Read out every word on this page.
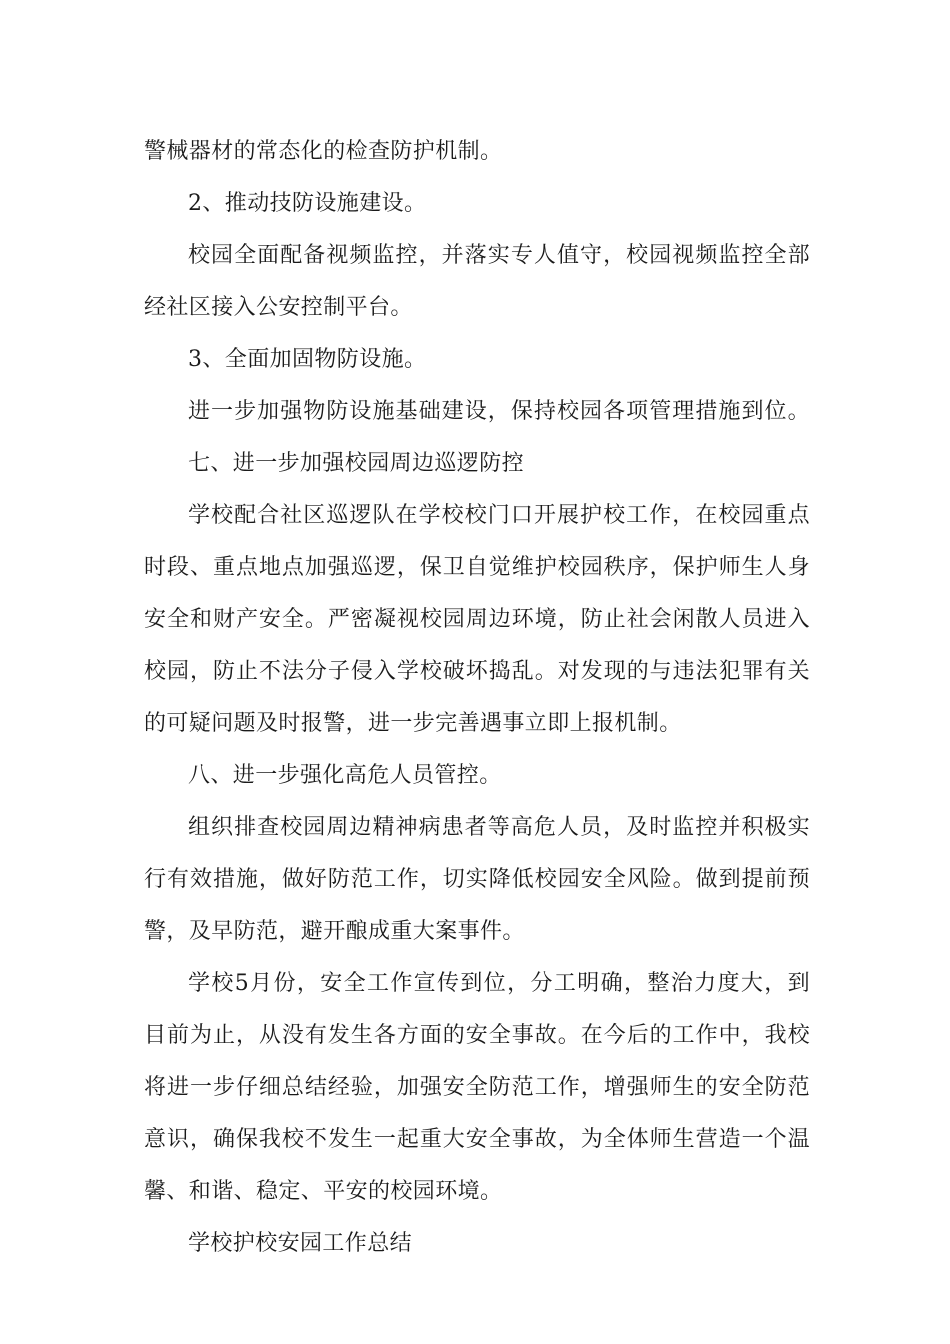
警械器材的常态化的检查防护机制。
2、推动技防设施建设。
校园全面配备视频监控，并落实专人值守，校园视频监控全部
经社区接入公安控制平台。
3、全面加固物防设施。
进一步加强物防设施基础建设，保持校园各项管理措施到位。
七、进一步加强校园周边巡逻防控
学校配合社区巡逻队在学校校门口开展护校工作，在校园重点
时段、重点地点加强巡逻，保卫自觉维护校园秩序，保护师生人身
安全和财产安全。严密凝视校园周边环境，防止社会闲散人员进入
校园，防止不法分子侵入学校破坏捣乱。对发现的与违法犯罪有关
的可疑问题及时报警，进一步完善遇事立即上报机制。
八、进一步强化高危人员管控。
组织排查校园周边精神病患者等高危人员，及时监控并积极实
行有效措施，做好防范工作，切实降低校园安全风险。做到提前预
警，及早防范，避开酿成重大案事件。
学校5月份，安全工作宣传到位，分工明确，整治力度大，到
目前为止，从没有发生各方面的安全事故。在今后的工作中，我校
将进一步仔细总结经验，加强安全防范工作，增强师生的安全防范
意识，确保我校不发生一起重大安全事故，为全体师生营造一个温
馨、和谐、稳定、平安的校园环境。
学校护校安园工作总结
